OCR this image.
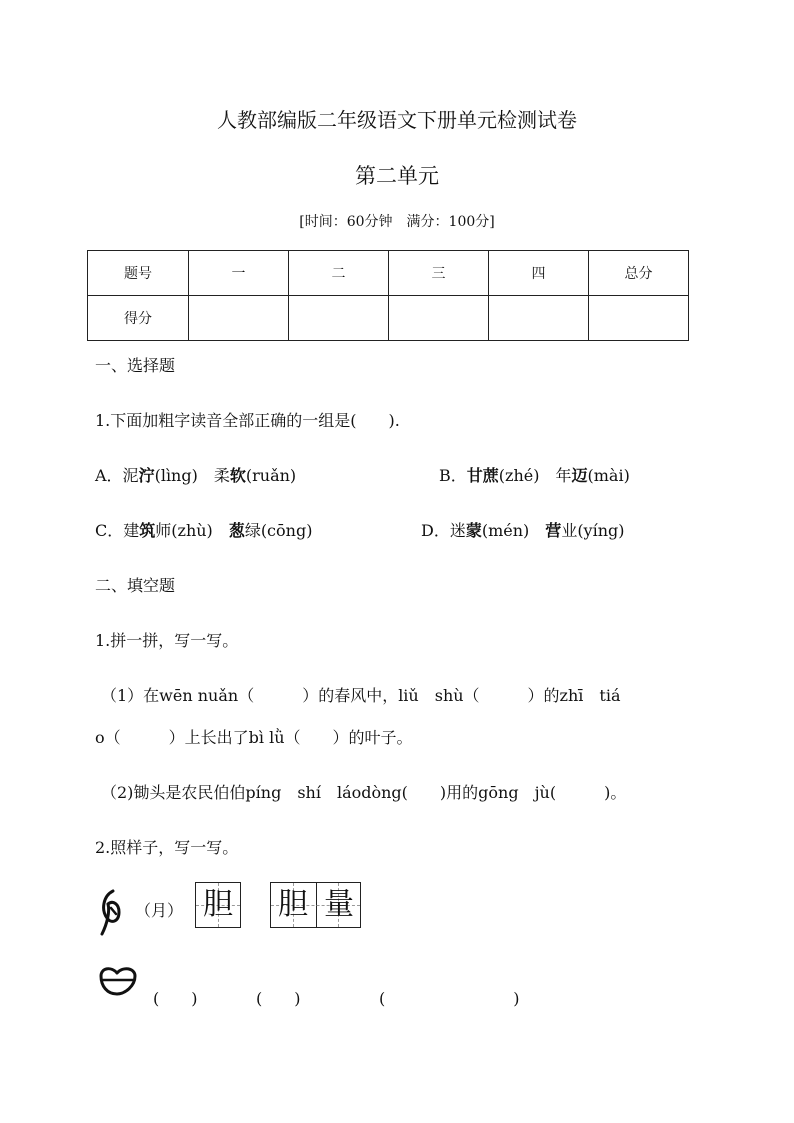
人教部编版二年级语文下册单元检测试卷
第二单元
[时间：60分钟　满分：100分]
题号	一	二	三	四	总分
得分					
一、选择题
1.下面加粗字读音全部正确的一组是(　　).
A．泥泞(lìng)　柔软(ruǎn)	B．甘蔗(zhé)　年迈(mài)
C．建筑师(zhù)　葱绿(cōng)	D．迷蒙(mén)　营业(yíng)
二、填空题
1.拼一拼，写一写。
（1）在wēn nuǎn（　　　）的春风中，liǔ　shù（　　　）的zhī　tiá
o（　　　）上长出了bì lǜ（　　）的叶子。
（2)锄头是农民伯伯píng　shí　láodòng(　　)用的gōng　jù(　　　)。
2.照样子，写一写。
（月） 胆 胆 量
(　　)	(　　)	(　　　　　　　　)
